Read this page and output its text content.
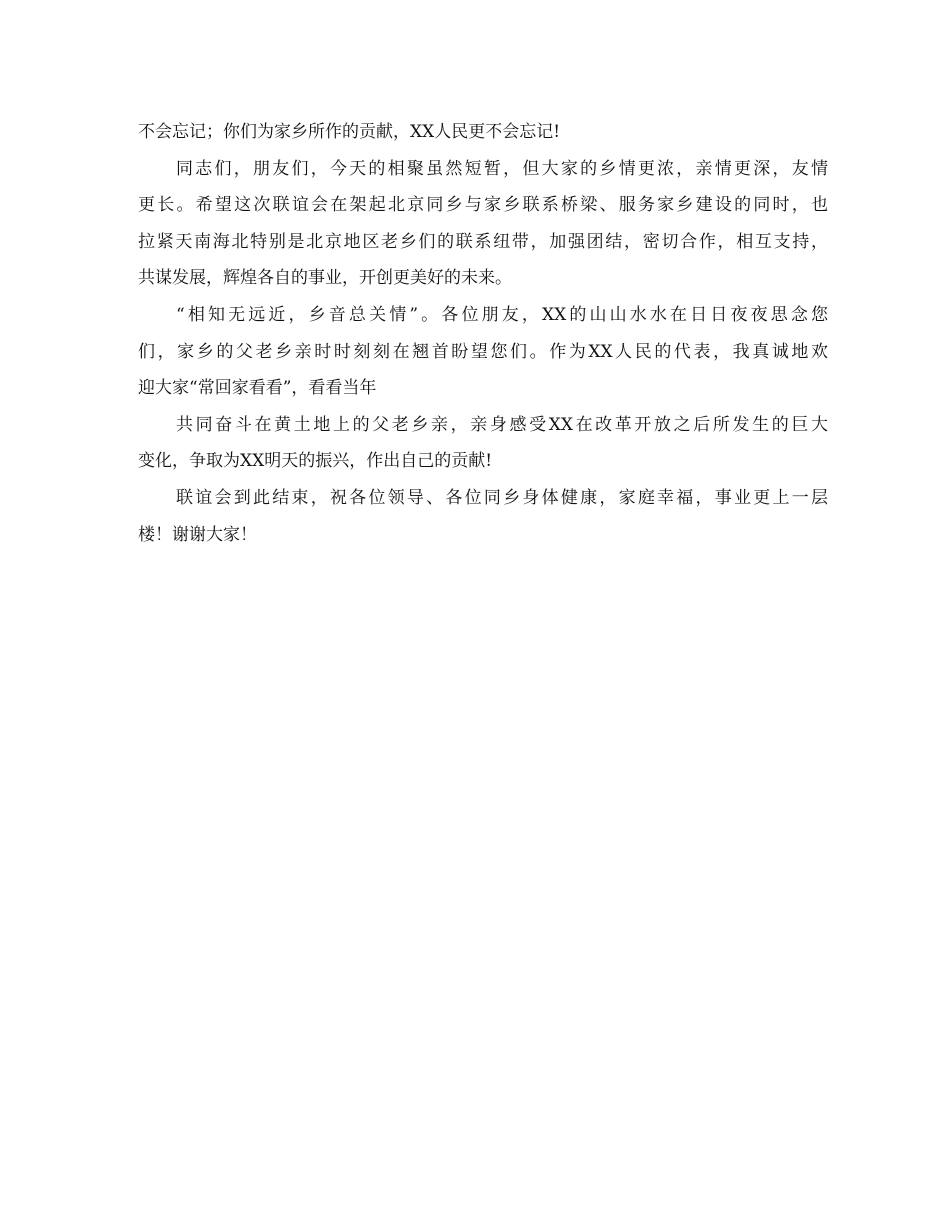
不会忘记；你们为家乡所作的贡献，XX人民更不会忘记!
同志们，朋友们，今天的相聚虽然短暂，但大家的乡情更浓，亲情更深，友情
更长。希望这次联谊会在架起北京同乡与家乡联系桥梁、服务家乡建设的同时，也
拉紧天南海北特别是北京地区老乡们的联系纽带，加强团结，密切合作，相互支持，
共谋发展，辉煌各自的事业，开创更美好的未来。
“相知无远近，乡音总关情”。各位朋友，XX的山山水水在日日夜夜思念您
们，家乡的父老乡亲时时刻刻在翘首盼望您们。作为XX人民的代表，我真诚地欢
迎大家“常回家看看”，看看当年
共同奋斗在黄土地上的父老乡亲，亲身感受XX在改革开放之后所发生的巨大
变化，争取为XX明天的振兴，作出自己的贡献!
联谊会到此结束，祝各位领导、各位同乡身体健康，家庭幸福，事业更上一层
楼！谢谢大家！
